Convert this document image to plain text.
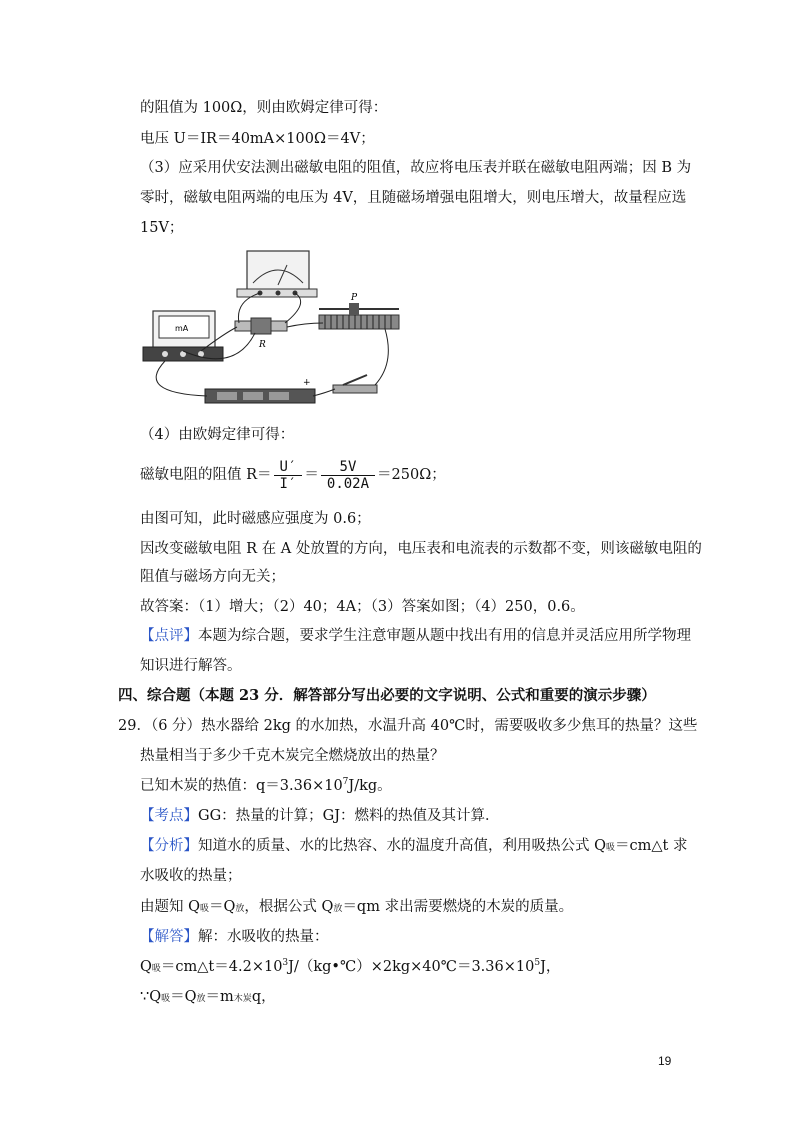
的阻值为 100Ω，则由欧姆定律可得：
电压 U＝IR＝40mA×100Ω＝4V；
（3）应采用伏安法测出磁敏电阻的阻值，故应将电压表并联在磁敏电阻两端；因 B 为
零时，磁敏电阻两端的电压为 4V，且随磁场增强电阻增大，则电压增大，故量程应选
15V；
mA
R
P
+
（4）由欧姆定律可得：
磁敏电阻的阻值 $R= \frac{U'}{I'} = \frac{5V}{0.02A} =250\Omega$；
由图可知，此时磁感应强度为 0.6；
因改变磁敏电阻 R 在 A 处放置的方向，电压表和电流表的示数都不变，则该磁敏电阻的
阻值与磁场方向无关；
故答案：（1）增大；（2）40；4A；（3）答案如图；（4）250，0.6。
【点评】本题为综合题，要求学生注意审题从题中找出有用的信息并灵活应用所学物理
知识进行解答。
四、综合题（本题 23 分．解答部分写出必要的文字说明、公式和重要的演示步骤）
29．（6 分）热水器给 2kg 的水加热，水温升高 40℃时，需要吸收多少焦耳的热量？这些
热量相当于多少千克木炭完全燃烧放出的热量？
已知木炭的热值：$q=3.36\times 10^7J/kg$。
【考点】GG：热量的计算；GJ：燃料的热值及其计算．
【分析】知道水的质量、水的比热容、水的温度升高值，利用吸热公式 Q吸＝cm△t 求
水吸收的热量；
由题知 Q吸＝Q放，根据公式 Q放＝qm 求出需要燃烧的木炭的质量。
【解答】解：水吸收的热量：
Q吸$=cm\triangle t=4.2\times 10^3J/(kg•℃)\times 2kg\times 40℃=3.36\times 10^5J$，
∵Q吸＝Q放＝m木炭q，
19
